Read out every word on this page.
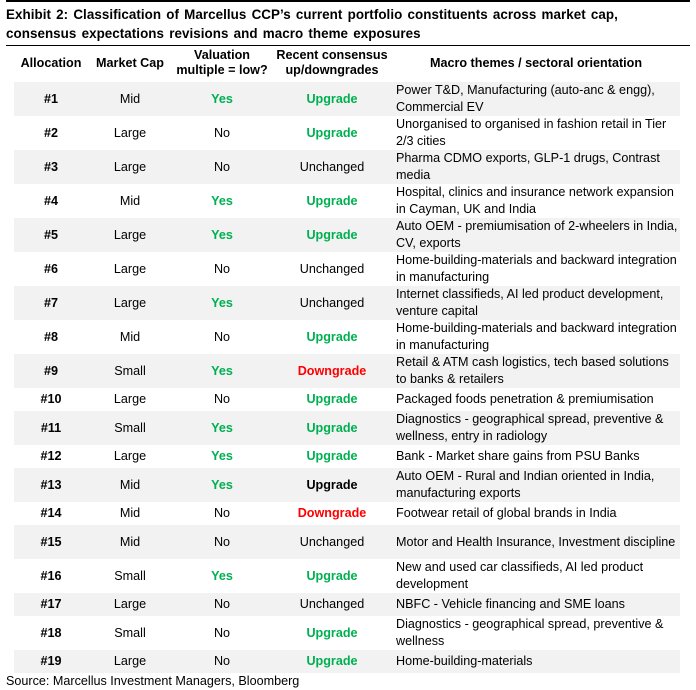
Exhibit 2: Classification of Marcellus CCP’s current portfolio constituents across market cap, consensus expectations revisions and macro theme exposures
Allocation	Market Cap	Valuation multiple = low?	Recent consensus up/downgrades	Macro themes / sectoral orientation
#1	Mid	Yes	Upgrade	Power T&D, Manufacturing (auto-anc & engg), Commercial EV
#2	Large	No	Upgrade	Unorganised to organised in fashion retail in Tier 2/3 cities
#3	Large	No	Unchanged	Pharma CDMO exports, GLP-1 drugs, Contrast media
#4	Mid	Yes	Upgrade	Hospital, clinics and insurance network expansion in Cayman, UK and India
#5	Large	Yes	Upgrade	Auto OEM - premiumisation of 2-wheelers in India, CV, exports
#6	Large	No	Unchanged	Home-building-materials and backward integration in manufacturing
#7	Large	Yes	Unchanged	Internet classifieds, AI led product development, venture capital
#8	Mid	No	Upgrade	Home-building-materials and backward integration in manufacturing
#9	Small	Yes	Downgrade	Retail & ATM cash logistics, tech based solutions to banks & retailers
#10	Large	No	Upgrade	Packaged foods penetration & premiumisation
#11	Small	Yes	Upgrade	Diagnostics - geographical spread, preventive & wellness, entry in radiology
#12	Large	Yes	Upgrade	Bank - Market share gains from PSU Banks
#13	Mid	Yes	Upgrade	Auto OEM - Rural and Indian oriented in India, manufacturing exports
#14	Mid	No	Downgrade	Footwear retail of global brands in India
#15	Mid	No	Unchanged	Motor and Health Insurance, Investment discipline
#16	Small	Yes	Upgrade	New and used car classifieds, AI led product development
#17	Large	No	Unchanged	NBFC - Vehicle financing and SME loans
#18	Small	No	Upgrade	Diagnostics - geographical spread, preventive & wellness
#19	Large	No	Upgrade	Home-building-materials
Source: Marcellus Investment Managers, Bloomberg
